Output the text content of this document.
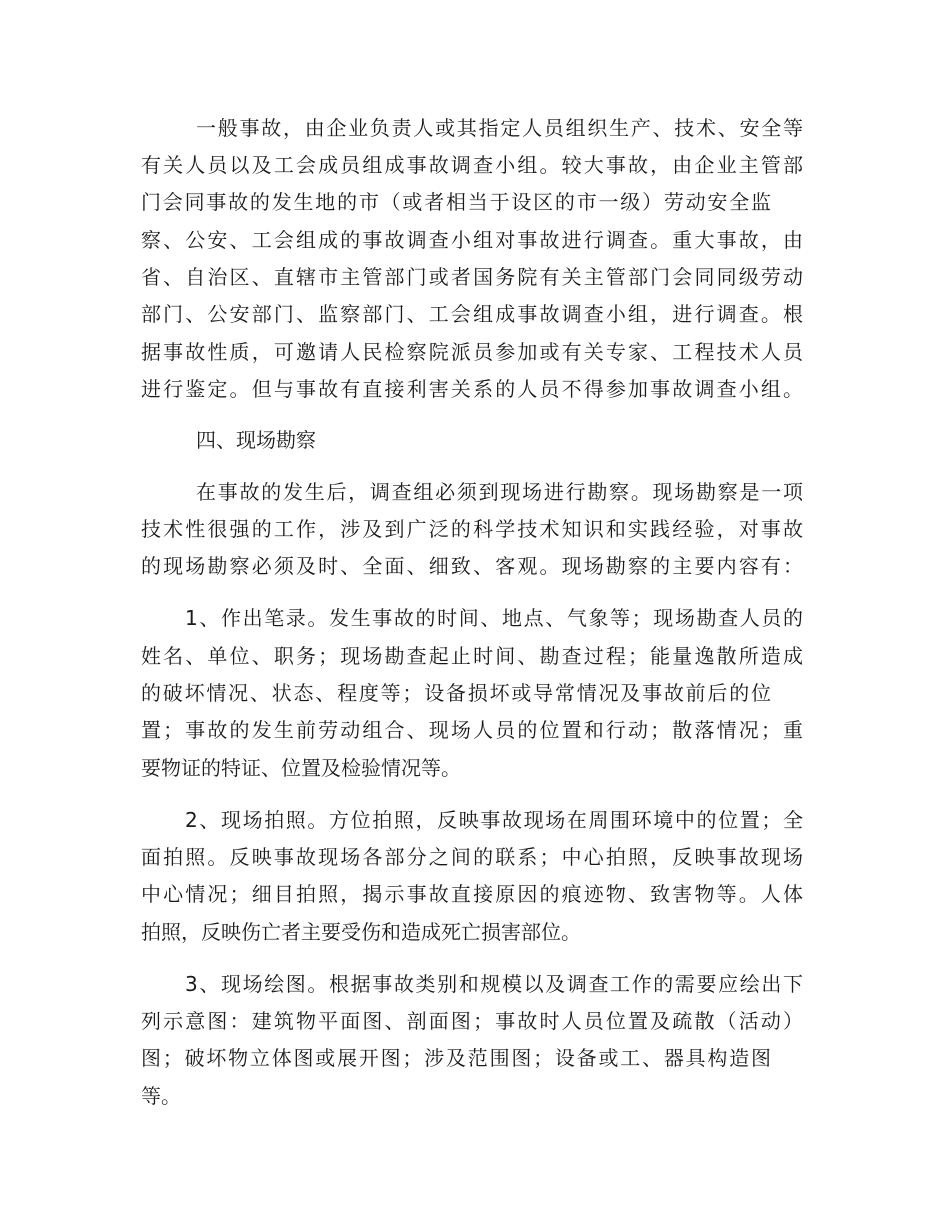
一般事故，由企业负责人或其指定人员组织生产、技术、安全等
有关人员以及工会成员组成事故调查小组。较大事故，由企业主管部
门会同事故的发生地的市（或者相当于设区的市一级）劳动安全监
察、公安、工会组成的事故调查小组对事故进行调查。重大事故，由
省、自治区、直辖市主管部门或者国务院有关主管部门会同同级劳动
部门、公安部门、监察部门、工会组成事故调查小组，进行调查。根
据事故性质，可邀请人民检察院派员参加或有关专家、工程技术人员
进行鉴定。但与事故有直接利害关系的人员不得参加事故调查小组。
四、现场勘察
在事故的发生后，调查组必须到现场进行勘察。现场勘察是一项
技术性很强的工作，涉及到广泛的科学技术知识和实践经验，对事故
的现场勘察必须及时、全面、细致、客观。现场勘察的主要内容有：
1、作出笔录。发生事故的时间、地点、气象等；现场勘查人员的
姓名、单位、职务；现场勘查起止时间、勘查过程；能量逸散所造成
的破坏情况、状态、程度等；设备损坏或导常情况及事故前后的位
置；事故的发生前劳动组合、现场人员的位置和行动；散落情况；重
要物证的特证、位置及检验情况等。
2、现场拍照。方位拍照，反映事故现场在周围环境中的位置；全
面拍照。反映事故现场各部分之间的联系；中心拍照，反映事故现场
中心情况；细目拍照，揭示事故直接原因的痕迹物、致害物等。人体
拍照，反映伤亡者主要受伤和造成死亡损害部位。
3、现场绘图。根据事故类别和规模以及调查工作的需要应绘出下
列示意图：建筑物平面图、剖面图；事故时人员位置及疏散（活动）
图；破坏物立体图或展开图；涉及范围图；设备或工、器具构造图
等。
